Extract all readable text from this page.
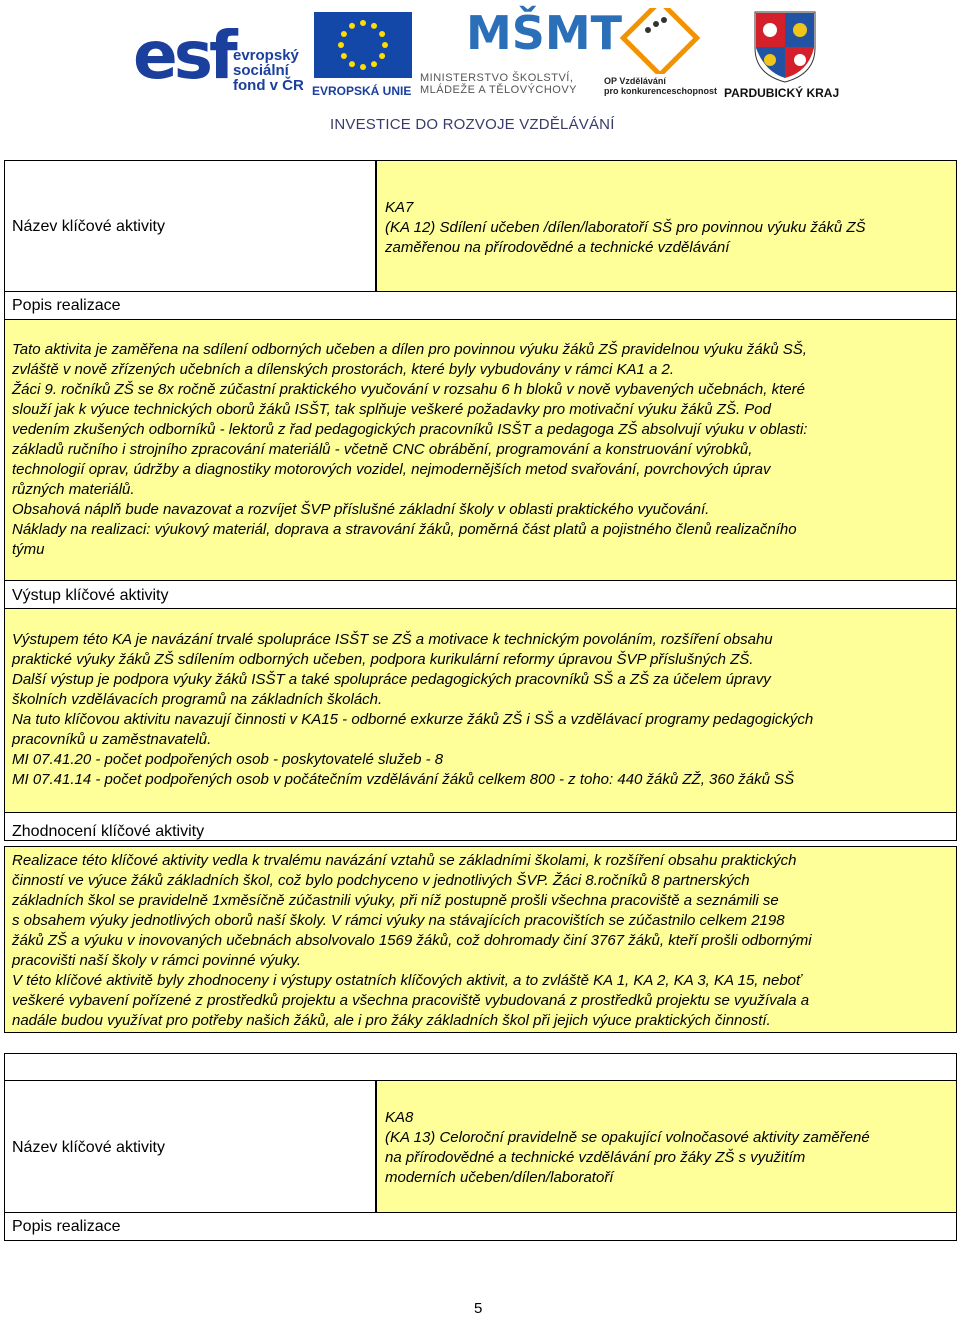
esf evropský
sociální
fond v ČR EVROPSKÁ UNIE
MŠMT
MINISTERSTVO ŠKOLSTVÍ,
MLÁDEŽE A TĚLOVÝCHOVY
OP Vzdělávání
pro konkurenceschopnost PARDUBICKÝ KRAJ
INVESTICE DO ROZVOJE VZDĚLÁVÁNÍ
Název klíčové aktivity

KA7

(KA 12) Sdílení učeben /dílen/laboratoří SŠ pro povinnou výuku žáků ZŠ

zaměřenou na přírodovědné a technické vzdělávání

Popis realizace

Tato aktivita je zaměřena na sdílení odborných učeben a dílen pro povinnou výuku žáků ZŠ pravidelnou výuku žáků SŠ,

zvláště v nově zřízených učebních a dílenských prostorách, které byly vybudovány v rámci KA1 a 2.

Žáci 9. ročníků ZŠ se 8x ročně zúčastní praktického vyučování v rozsahu 6 h bloků v nově vybavených učebnách, které

slouží jak k výuce technických oborů žáků ISŠT, tak splňuje veškeré požadavky pro motivační výuku žáků ZŠ. Pod

vedením zkušených odborníků - lektorů z řad pedagogických pracovníků ISŠT a pedagoga ZŠ absolvují výuku v oblasti:

základů ručního i strojního zpracování materiálů - včetně CNC obrábění, programování a konstruování výrobků,

technologií oprav, údržby a diagnostiky motorových vozidel, nejmodernějších metod svařování, povrchových úprav

různých materiálů.

Obsahová náplň bude navazovat a rozvíjet ŠVP příslušné základní školy v oblasti praktického vyučování.

Náklady na realizaci: výukový materiál, doprava a stravování žáků, poměrná část platů a pojistného členů realizačního

týmu

Výstup klíčové aktivity

Výstupem této KA je navázání trvalé spolupráce ISŠT se ZŠ a motivace k technickým povoláním, rozšíření obsahu

praktické výuky žáků ZŠ sdílením odborných učeben, podpora kurikulární reformy úpravou ŠVP příslušných ZŠ.

Další výstup je podpora výuky žáků ISŠT a také spolupráce pedagogických pracovníků SŠ a ZŠ za účelem úpravy

školních vzdělávacích programů na základních školách.

Na tuto klíčovou aktivitu navazují činnosti v KA15 - odborné exkurze žáků ZŠ i SŠ a vzdělávací programy pedagogických

pracovníků u zaměstnavatelů.

MI 07.41.20 - počet podpořených osob - poskytovatelé služeb - 8

MI 07.41.14 - počet podpořených osob v počátečním vzdělávání žáků celkem 800 - z toho: 440 žáků ZŽ, 360 žáků SŠ

Zhodnocení klíčové aktivity

Realizace této klíčové aktivity vedla k trvalému navázání vztahů se základními školami, k rozšíření obsahu praktických

činností ve výuce žáků základních škol, což bylo podchyceno v jednotlivých ŠVP. Žáci 8.ročníků 8 partnerských

základních škol se pravidelně 1xměsíčně zúčastnili výuky, při níž postupně prošli všechna pracoviště a seznámili se

s obsahem výuky jednotlivých oborů naší školy. V rámci výuky na stávajících pracovištích se zúčastnilo celkem 2198

žáků ZŠ a výuku v inovovaných učebnách absolvovalo 1569 žáků, což dohromady činí 3767 žáků, kteří prošli odbornými

pracovišti naší školy v rámci povinné výuky.

V této klíčové aktivitě byly zhodnoceny i výstupy ostatních klíčových aktivit, a to zvláště KA 1, KA 2, KA 3, KA 15, neboť

veškeré vybavení pořízené z prostředků projektu a všechna pracoviště vybudovaná z prostředků projektu se využívala a

nadále budou využívat pro potřeby našich žáků, ale i pro žáky základních škol při jejich výuce praktických činností.

Název klíčové aktivity

KA8

(KA 13) Celoroční pravidelně se opakující volnočasové aktivity zaměřené

na přírodovědné a technické vzdělávání pro žáky ZŠ s využitím

moderních učeben/dílen/laboratoří

Popis realizace
5
